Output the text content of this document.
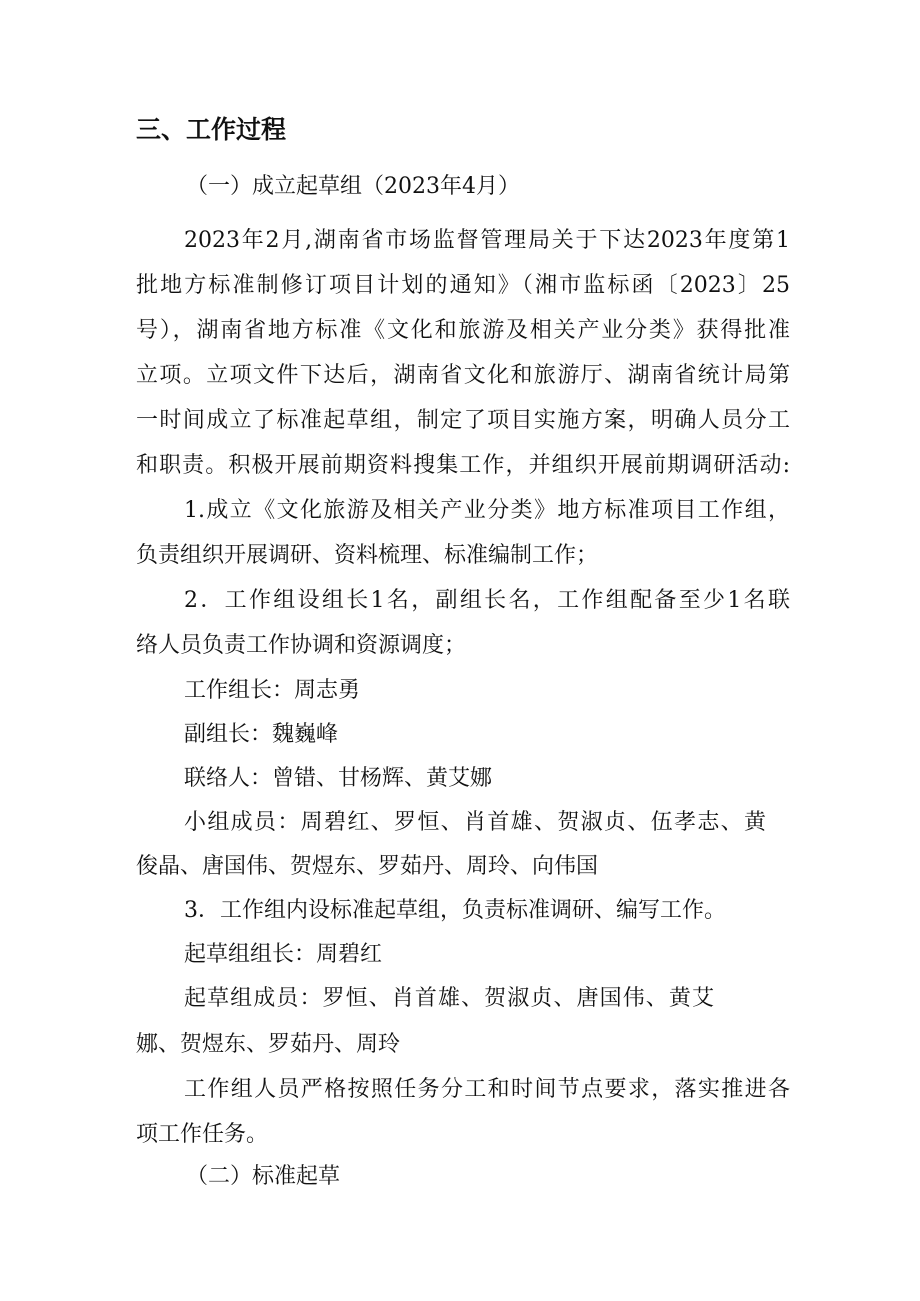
三、工作过程
（一）成立起草组（2023年4月）
2023年2月,湖南省市场监督管理局关于下达2023年度第1
批地方标准制修订项目计划的通知》（湘市监标函〔2023〕25
号），湖南省地方标准《文化和旅游及相关产业分类》获得批准
立项。立项文件下达后，湖南省文化和旅游厅、湖南省统计局第
一时间成立了标准起草组，制定了项目实施方案，明确人员分工
和职责。积极开展前期资料搜集工作，并组织开展前期调研活动:
1.成立《文化旅游及相关产业分类》地方标准项目工作组，
负责组织开展调研、资料梳理、标准编制工作；
2．工作组设组长1名，副组长名，工作组配备至少1名联
络人员负责工作协调和资源调度；
工作组长：周志勇
副组长：魏巍峰
联络人：曾错、甘杨辉、黄艾娜
小组成员：周碧红、罗恒、肖首雄、贺淑贞、伍孝志、黄
俊晶、唐国伟、贺煜东、罗茹丹、周玲、向伟国
3．工作组内设标准起草组，负责标准调研、编写工作。
起草组组长：周碧红
起草组成员：罗恒、肖首雄、贺淑贞、唐国伟、黄艾
娜、贺煜东、罗茹丹、周玲
工作组人员严格按照任务分工和时间节点要求，落实推进各
项工作任务。
（二）标准起草
